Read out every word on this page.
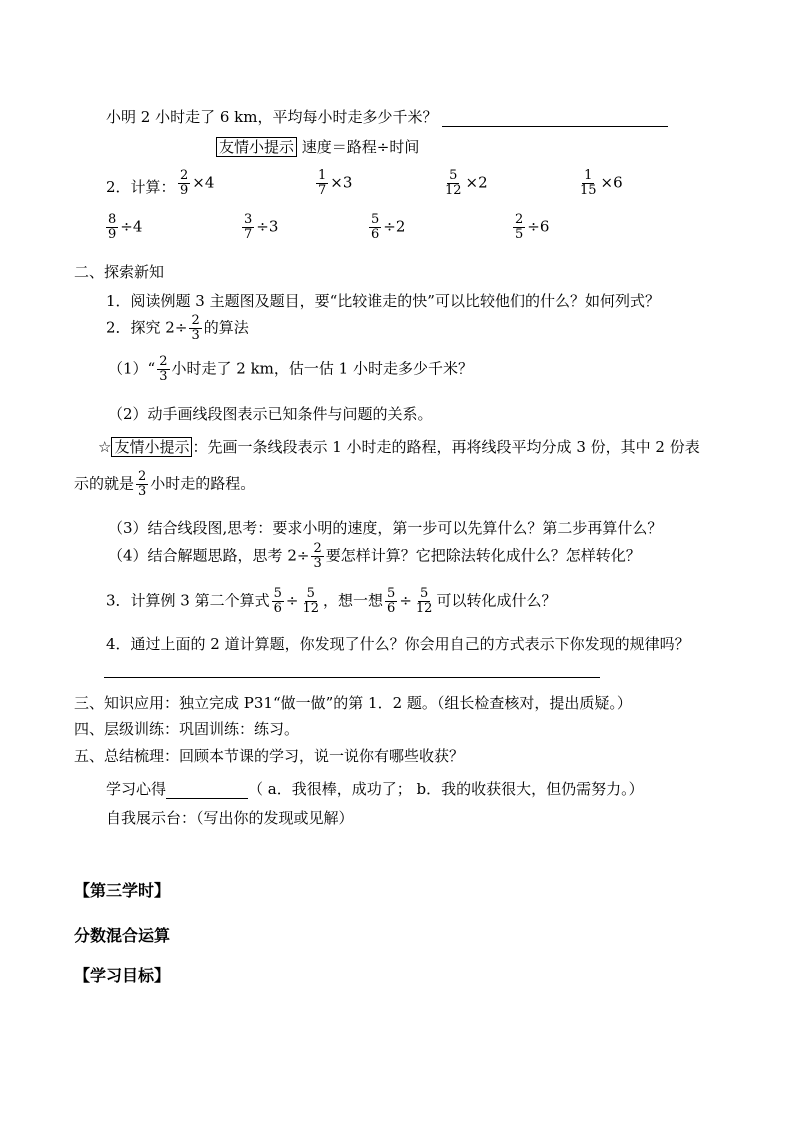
小明 2 小时走了 6 km，平均每小时走多少千米？
友情小提示 速度＝路程÷时间
2．计算： $\frac{2}{9} \times 4$	$\frac{1}{7} \times 3$	$\frac{5}{12} \times 2$	$\frac{1}{15} \times 6$
$\frac{8}{9} \div 4$	$\frac{3}{7} \div 3$	$\frac{5}{6} \div 2$	$\frac{2}{5} \div 6$
二、探索新知
1．阅读例题 3 主题图及题目，要“比较谁走的快”可以比较他们的什么？如何列式？
2．探究 $2\div \frac{2}{3}$ 的算法
（1）“ $\frac{2}{3}$ 小时走了 2 km，估一估 1 小时走多少千米？
（2）动手画线段图表示已知条件与问题的关系。
☆ 友情小提示 ：先画一条线段表示 1 小时走的路程，再将线段平均分成 3 份，其中 2 份表
示的就是 $\frac{2}{3}$ 小时走的路程。
（3）结合线段图,思考：要求小明的速度，第一步可以先算什么？第二步再算什么？
（4）结合解题思路，思考 $2\div \frac{2}{3}$ 要怎样计算？它把除法转化成什么？怎样转化？
3．计算例 3 第二个算式 $\frac{5}{6} \div \frac{5}{12}$ ，想一想 $\frac{5}{6} \div \frac{5}{12}$ 可以转化成什么？
4．通过上面的 2 道计算题，你发现了什么？你会用自己的方式表示下你发现的规律吗？
三、知识应用：独立完成 P31“做一做”的第 1．2 题。（组长检查核对，提出质疑。）
四、层级训练：巩固训练：练习。
五、总结梳理：回顾本节课的学习，说一说你有哪些收获？
学习心得	（ a．我很棒，成功了； b．我的收获很大，但仍需努力。）
自我展示台：（写出你的发现或见解）
【第三学时】
分数混合运算
【学习目标】
